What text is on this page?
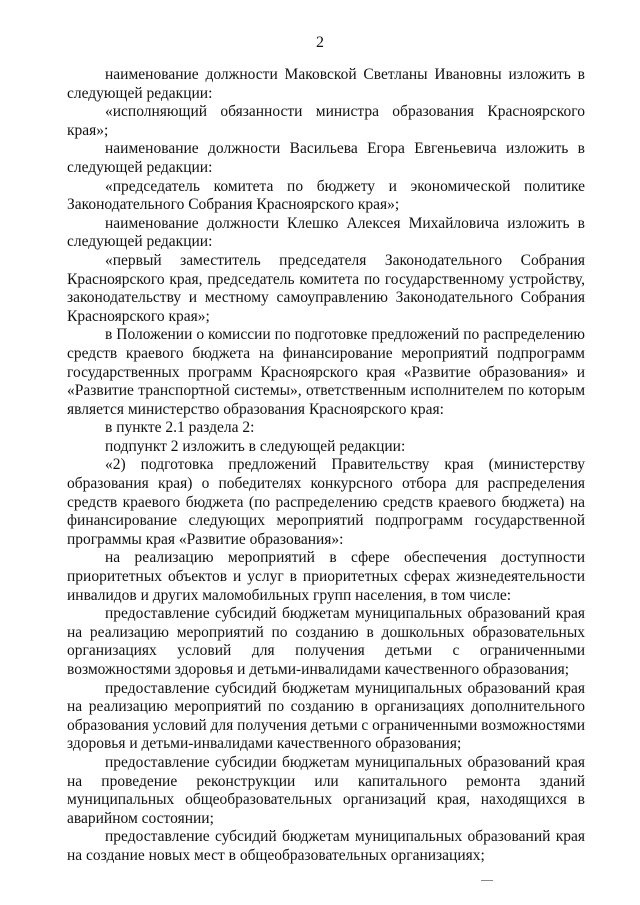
2

наименование должности Маковской Светланы Ивановны изложить в следующей редакции:

«исполняющий обязанности министра образования Красноярского края»;

наименование должности Васильева Егора Евгеньевича изложить в следующей редакции:

«председатель комитета по бюджету и экономической политике Законодательного Собрания Красноярского края»;

наименование должности Клешко Алексея Михайловича изложить в следующей редакции:

«первый заместитель председателя Законодательного Собрания Красноярского края, председатель комитета по государственному устройству, законодательству и местному самоуправлению Законодательного Собрания Красноярского края»;

в Положении о комиссии по подготовке предложений по распределению средств краевого бюджета на финансирование мероприятий подпрограмм государственных программ Красноярского края «Развитие образования» и «Развитие транспортной системы», ответственным исполнителем по которым является министерство образования Красноярского края:

в пункте 2.1 раздела 2:

подпункт 2 изложить в следующей редакции:

«2) подготовка предложений Правительству края (министерству образования края) о победителях конкурсного отбора для распределения средств краевого бюджета (по распределению средств краевого бюджета) на финансирование следующих мероприятий подпрограмм государственной программы края «Развитие образования»:

на реализацию мероприятий в сфере обеспечения доступности приоритетных объектов и услуг в приоритетных сферах жизнедеятельности инвалидов и других маломобильных групп населения, в том числе:

предоставление субсидий бюджетам муниципальных образований края на реализацию мероприятий по созданию в дошкольных образовательных организациях условий для получения детьми с ограниченными возможностями здоровья и детьми-инвалидами качественного образования;

предоставление субсидий бюджетам муниципальных образований края на реализацию мероприятий по созданию в организациях дополнительного образования условий для получения детьми с ограниченными возможностями здоровья и детьми-инвалидами качественного образования;

предоставление субсидии бюджетам муниципальных образований края на проведение реконструкции или капитального ремонта зданий муниципальных общеобразовательных организаций края, находящихся в аварийном состоянии;

предоставление субсидий бюджетам муниципальных образований края на создание новых мест в общеобразовательных организациях;
